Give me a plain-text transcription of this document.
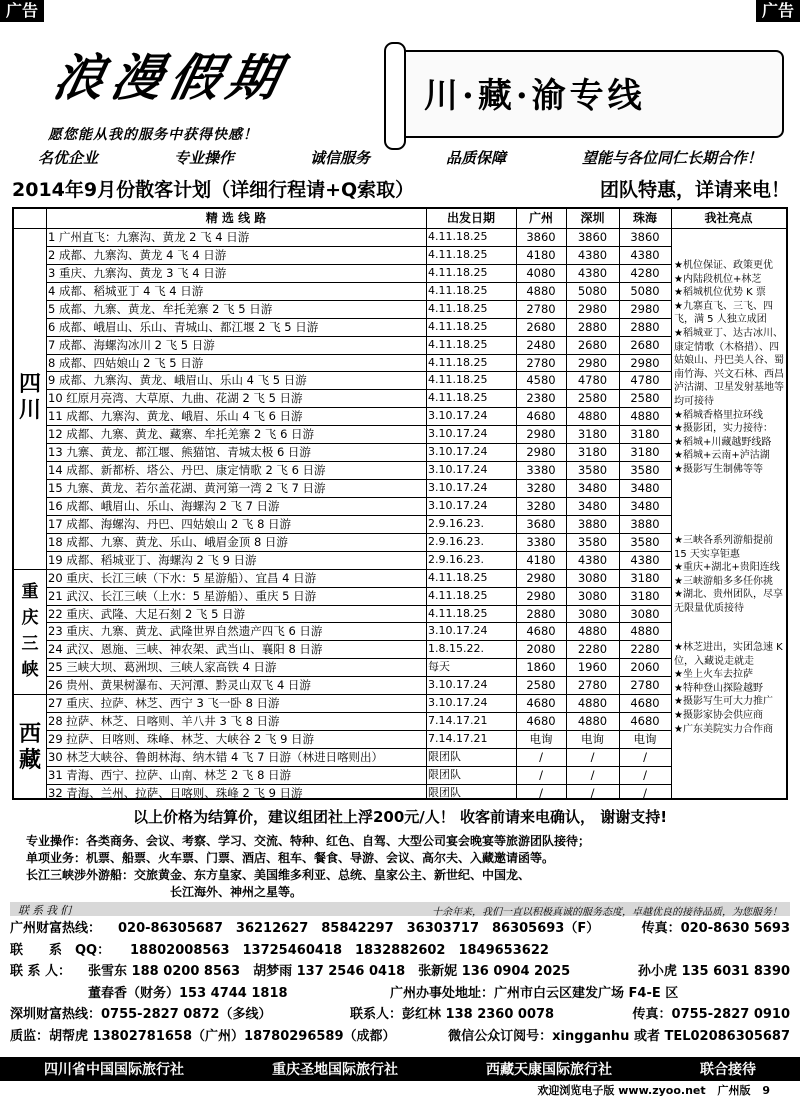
广告	广告
浪漫假期
愿您能从我的服务中获得快感！
川·藏·渝专线
名优企业	专业操作	诚信服务	品质保障	望能与各位同仁长期合作！
2014年9月份散客计划（详细行程请+Q索取）	团队特惠，详请来电！
精 选 线 路	出发日期	广州	深圳	珠海	我社亮点
1 广州直飞：九寨沟、黄龙 2 飞 4 日游	4.11.18.25	3860	3860	3860
2 成都、九寨沟、黄龙 4 飞 4 日游	4.11.18.25	4180	4380	4380
3 重庆、九寨沟、黄龙 3 飞 4 日游	4.11.18.25	4080	4380	4280
4 成都、稻城亚丁 4 飞 4 日游	4.11.18.25	4880	5080	5080
5 成都、九寨、黄龙、牟托羌寨 2 飞 5 日游	4.11.18.25	2780	2980	2980
6 成都、峨眉山、乐山、青城山、都江堰 2 飞 5 日游	4.11.18.25	2680	2880	2880
7 成都、海螺沟冰川 2 飞 5 日游	4.11.18.25	2480	2680	2680
8 成都、四姑娘山 2 飞 5 日游	4.11.18.25	2780	2980	2980
9 成都、九寨沟、黄龙、峨眉山、乐山 4 飞 5 日游	4.11.18.25	4580	4780	4780
10 红原月亮湾、大草原、九曲、花湖 2 飞 5 日游	4.11.18.25	2380	2580	2580
11 成都、九寨沟、黄龙、峨眉、乐山 4 飞 6 日游	3.10.17.24	4680	4880	4880
12 成都、九寨、黄龙、藏寨、牟托羌寨 2 飞 6 日游	3.10.17.24	2980	3180	3180
13 九寨、黄龙、都江堰、熊猫馆、青城太极 6 日游	3.10.17.24	2980	3180	3180
14 成都、新都桥、塔公、丹巴、康定情歌 2 飞 6 日游	3.10.17.24	3380	3580	3580
15 九寨、黄龙、若尔盖花湖、黄河第一湾 2 飞 7 日游	3.10.17.24	3280	3480	3480
16 成都、峨眉山、乐山、海螺沟 2 飞 7 日游	3.10.17.24	3280	3480	3480
17 成都、海螺沟、丹巴、四姑娘山 2 飞 8 日游	2.9.16.23.	3680	3880	3880
18 成都、九寨、黄龙、乐山、峨眉金顶 8 日游	2.9.16.23.	3380	3580	3580
19 成都、稻城亚丁、海螺沟 2 飞 9 日游	2.9.16.23.	4180	4380	4380
20 重庆、长江三峡（下水：5 星游船）、宜昌 4 日游	4.11.18.25	2980	3080	3180
21 武汉、长江三峡（上水：5 星游船）、重庆 5 日游	4.11.18.25	2980	3080	3180
22 重庆、武隆、大足石刻 2 飞 5 日游	4.11.18.25	2880	3080	3080
23 重庆、九寨、黄龙、武隆世界自然遗产四飞 6 日游	3.10.17.24	4680	4880	4880
24 武汉、恩施、三峡、神农架、武当山、襄阳 8 日游	1.8.15.22.	2080	2280	2280
25 三峡大坝、葛洲坝、三峡人家高铁 4 日游	每天	1860	1960	2060
26 贵州、黄果树瀑布、天河潭、黔灵山双飞 4 日游	3.10.17.24	2580	2780	2780
27 重庆、拉萨、林芝、西宁 3 飞一卧 8 日游	3.10.17.24	4680	4880	4680
28 拉萨、林芝、日喀则、羊八井 3 飞 8 日游	7.14.17.21	4680	4880	4680
29 拉萨、日喀则、珠峰、林芝、大峡谷 2 飞 9 日游	7.14.17.21	电询	电询	电询
30 林芝大峡谷、鲁朗林海、纳木错 4 飞 7 日游（林进日喀则出）	限团队	/	/	/
31 青海、西宁、拉萨、山南、林芝 2 飞 8 日游	限团队	/	/	/
32 青海、兰州、拉萨、日喀则、珠峰 2 飞 9 日游	限团队	/	/	/
四
川
重
庆
三
峡
西
藏
★机位保证、政策更优
★内陆段机位+林芝
★稻城机位优势 K 票
★九寨直飞、三飞、四飞，满 5 人独立成团
★稻城亚丁、达古冰川、康定情歌（木格措）、四姑娘山、丹巴美人谷、蜀南竹海、兴文石林、西昌泸沽湖、卫星发射基地等均可接待
★稻城香格里拉环线
★摄影团，实力接待：
★稻城+川藏越野线路
★稻城+云南+泸沽湖
★摄影写生制佛等等
★三峡各系列游船提前 15 天实享钜惠
★重庆+湖北+贵阳连线
★三峡游船多多任你挑
★湖北、贵州团队，尽享无限量优质接待
★林芝进出，实团急速 K 位，入藏说走就走
★坐上火车去拉萨
★特种登山探险越野
★摄影写生可大力推广
★摄影家协会供应商
★广东美院实力合作商
以上价格为结算价，建议组团社上浮200元/人！ 收客前请来电确认， 谢谢支持!
专业操作：各类商务、会议、考察、学习、交流、特种、红色、自驾、大型公司宴会晚宴等旅游团队接待；
单项业务：机票、船票、火车票、门票、酒店、租车、餐食、导游、会议、高尔夫、入藏邀请函等。
长江三峡涉外游船：交旅黄金、东方皇家、美国维多利亚、总统、皇家公主、新世纪、中国龙、
长江海外、神州之星等。
联系我们	十余年来，我们一直以积极真诚的服务态度，卓越优良的接待品质，为您服务！
广州财富热线： 020-86305687　36212627　85842297　36303717　86305693（F）	传真：020-8630 5693
联　　系　QQ： 18802008563　13725460418　1832882602　1849653622
联 系 人： 张雪东 188 0200 8563　胡梦雨 137 2546 0418　张新妮 136 0904 2025	孙小虎 135 6031 8390
董春香（财务）153 4744 1818	广州办事处地址：广州市白云区建发广场 F4-E 区
深圳财富热线：0755-2827 0872（多线）	联系人：彭红林 138 2360 0078	传真：0755-2827 0910
质监：胡帮虎 13802781658（广州）18780296589（成都）	微信公众订阅号：xingganhu 或者 TEL02086305687
四川省中国国际旅行社	重庆圣地国际旅行社	西藏天康国际旅行社	联合接待
欢迎浏览电子版 www.zyoo.net 广州版 9
